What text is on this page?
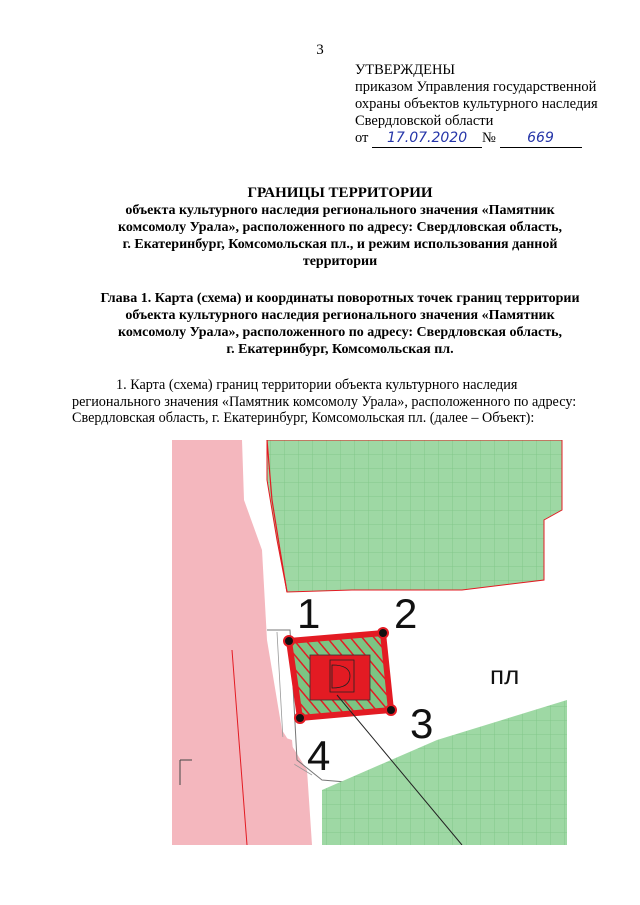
3
УТВЕРЖДЕНЫ
приказом Управления государственной
охраны объектов культурного наследия
Свердловской области
от 17.07.2020 № 669
ГРАНИЦЫ ТЕРРИТОРИИ
объекта культурного наследия регионального значения «Памятник
комсомолу Урала», расположенного по адресу: Свердловская область,
г. Екатеринбург, Комсомольская пл., и режим использования данной
территории
Глава 1. Карта (схема) и координаты поворотных точек границ территории
объекта культурного наследия регионального значения «Памятник
комсомолу Урала», расположенного по адресу: Свердловская область,
г. Екатеринбург, Комсомольская пл.
1. Карта (схема) границ территории объекта культурного наследия
регионального значения «Памятник комсомолу Урала», расположенного по адресу:
Свердловская область, г. Екатеринбург, Комсомольская пл. (далее – Объект):
1 2
3
4
пл
